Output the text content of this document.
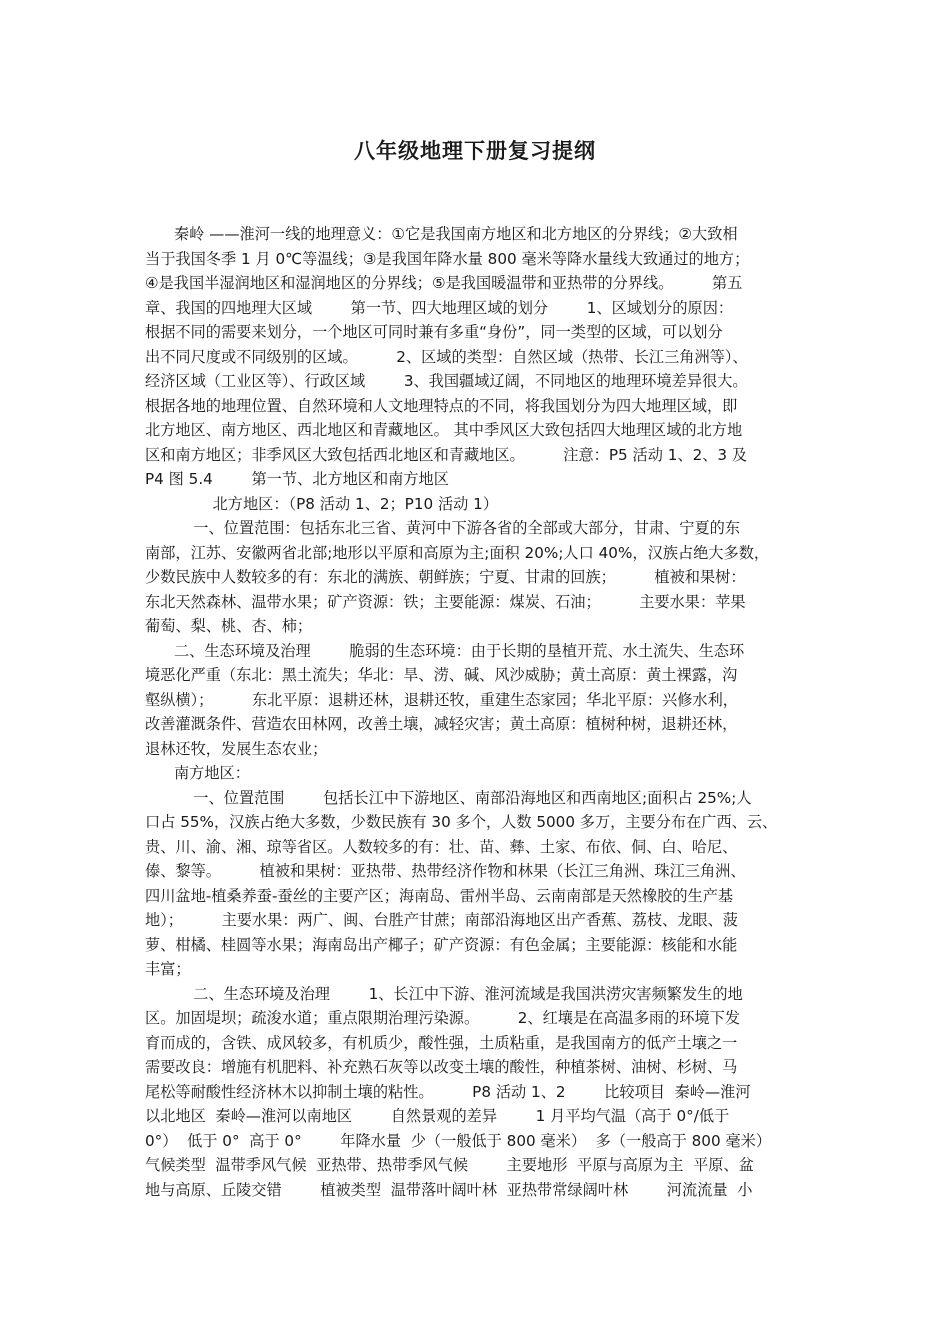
八年级地理下册复习提纲
秦岭 ——淮河一线的地理意义：①它是我国南方地区和北方地区的分界线；②大致相
当于我国冬季 1 月 0℃等温线；③是我国年降水量 800 毫米等降水量线大致通过的地方；
④是我国半湿润地区和湿润地区的分界线；⑤是我国暖温带和亚热带的分界线。        第五
章、我国的四地理大区域        第一节、四大地理区域的划分        1、区域划分的原因：
根据不同的需要来划分，一个地区可同时兼有多重“身份”，同一类型的区域，可以划分
出不同尺度或不同级别的区域。        2、区域的类型：自然区域（热带、长江三角洲等）、
经济区域（工业区等）、行政区域        3、我国疆域辽阔，不同地区的地理环境差异很大。
根据各地的地理位置、自然环境和人文地理特点的不同，将我国划分为四大地理区域，即
北方地区、南方地区、西北地区和青藏地区。 其中季风区大致包括四大地理区域的北方地
区和南方地区；非季风区大致包括西北地区和青藏地区。        注意：P5 活动 1、2、3 及
P4 图 5.4        第一节、北方地区和南方地区
北方地区：（P8 活动 1、2；P10 活动 1）
一、位置范围：包括东北三省、黄河中下游各省的全部或大部分，甘肃、宁夏的东
南部，江苏、安徽两省北部;地形以平原和高原为主;面积 20%;人口 40%，汉族占绝大多数，
少数民族中人数较多的有：东北的满族、朝鲜族；宁夏、甘肃的回族；        植被和果树：
东北天然森林、温带水果；矿产资源：铁；主要能源：煤炭、石油；        主要水果：苹果
葡萄、梨、桃、杏、柿；
二、生态环境及治理        脆弱的生态环境：由于长期的垦植开荒、水土流失、生态环
境恶化严重（东北：黑土流失；华北：旱、涝、碱、风沙威胁；黄土高原：黄土裸露，沟
壑纵横）；        东北平原：退耕还林，退耕还牧，重建生态家园；华北平原：兴修水利，
改善灌溉条件、营造农田林网，改善土壤，减轻灾害；黄土高原：植树种树，退耕还林，
退林还牧，发展生态农业；
南方地区：
一、位置范围        包括长江中下游地区、南部沿海地区和西南地区;面积占 25%;人
口占 55%，汉族占绝大多数，少数民族有 30 多个，人数 5000 多万，主要分布在广西、云、
贵、川、渝、湘、琼等省区。人数较多的有：壮、苗、彝、土家、布依、侗、白、哈尼、
傣、黎等。        植被和果树：亚热带、热带经济作物和林果（长江三角洲、珠江三角洲、
四川盆地-植桑养蚕-蚕丝的主要产区；海南岛、雷州半岛、云南南部是天然橡胶的生产基
地）；        主要水果：两广、闽、台胜产甘蔗；南部沿海地区出产香蕉、荔枝、龙眼、菠
萝、柑橘、桂圆等水果；海南岛出产椰子；矿产资源：有色金属；主要能源：核能和水能
丰富；
二、生态环境及治理        1、长江中下游、淮河流域是我国洪涝灾害频繁发生的地
区。加固堤坝；疏浚水道；重点限期治理污染源。        2、红壤是在高温多雨的环境下发
育而成的，含铁、成风较多，有机质少，酸性强，土质粘重，是我国南方的低产土壤之一
需要改良：增施有机肥料、补充熟石灰等以改变土壤的酸性，种植茶树、油树、杉树、马
尾松等耐酸性经济林木以抑制土壤的粘性。        P8 活动 1、2        比较项目  秦岭—淮河
以北地区  秦岭—淮河以南地区        自然景观的差异        1 月平均气温（高于 0°/低于
0°）  低于 0°  高于 0°        年降水量  少（一般低于 800 毫米）  多（一般高于 800 毫米）
气候类型  温带季风气候  亚热带、热带季风气候        主要地形  平原与高原为主  平原、盆
地与高原、丘陵交错        植被类型  温带落叶阔叶林  亚热带常绿阔叶林        河流流量  小
